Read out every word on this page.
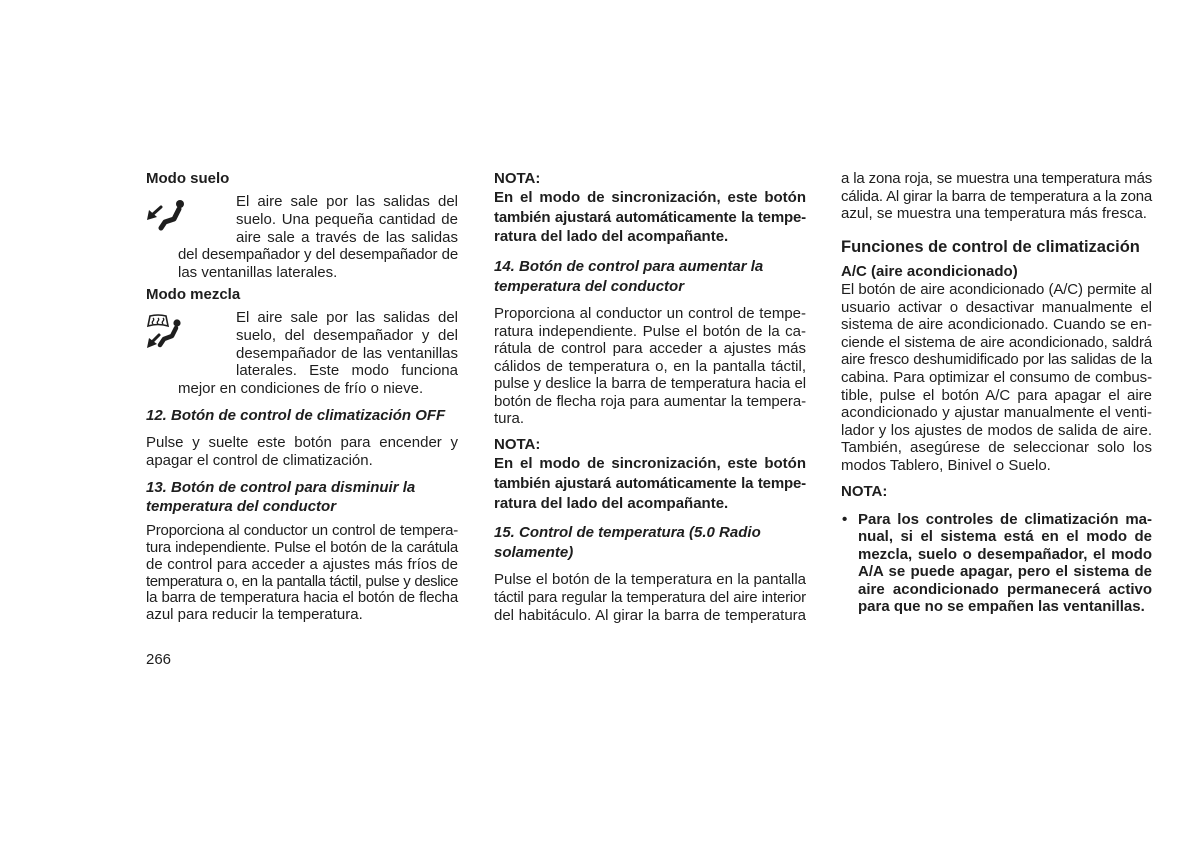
Modo suelo
El aire sale por las salidas del
suelo. Una pequeña cantidad de
aire sale a través de las salidas
del desempañador y del desempañador de
las ventanillas laterales.
Modo mezcla
El aire sale por las salidas del
suelo, del desempañador y del
desempañador de las ventanillas
laterales. Este modo funciona
mejor en condiciones de frío o nieve.
12. Botón de control de climatización OFF
Pulse y suelte este botón para encender y
apagar el control de climatización.
13. Botón de control para disminuir la
temperatura del conductor
Proporciona al conductor un control de tempera-
tura independiente. Pulse el botón de la carátula
de control para acceder a ajustes más fríos de
temperatura o, en la pantalla táctil, pulse y deslice
la barra de temperatura hacia el botón de flecha
azul para reducir la temperatura.
266
NOTA:
En el modo de sincronización, este botón
también ajustará automáticamente la tempe-
ratura del lado del acompañante.
14. Botón de control para aumentar la
temperatura del conductor
Proporciona al conductor un control de tempe-
ratura independiente. Pulse el botón de la ca-
rátula de control para acceder a ajustes más
cálidos de temperatura o, en la pantalla táctil,
pulse y deslice la barra de temperatura hacia el
botón de flecha roja para aumentar la tempera-
tura.
NOTA:
En el modo de sincronización, este botón
también ajustará automáticamente la tempe-
ratura del lado del acompañante.
15. Control de temperatura (5.0 Radio
solamente)
Pulse el botón de la temperatura en la pantalla
táctil para regular la temperatura del aire interior
del habitáculo. Al girar la barra de temperatura
a la zona roja, se muestra una temperatura más
cálida. Al girar la barra de temperatura a la zona
azul, se muestra una temperatura más fresca.
Funciones de control de climatización
A/C (aire acondicionado)
El botón de aire acondicionado (A/C) permite al
usuario activar o desactivar manualmente el
sistema de aire acondicionado. Cuando se en-
ciende el sistema de aire acondicionado, saldrá
aire fresco deshumidificado por las salidas de la
cabina. Para optimizar el consumo de combus-
tible, pulse el botón A/C para apagar el aire
acondicionado y ajustar manualmente el venti-
lador y los ajustes de modos de salida de aire.
También, asegúrese de seleccionar solo los
modos Tablero, Binivel o Suelo.
NOTA:
• Para los controles de climatización ma-
nual, si el sistema está en el modo de
mezcla, suelo o desempañador, el modo
A/A se puede apagar, pero el sistema de
aire acondicionado permanecerá activo
para que no se empañen las ventanillas.
